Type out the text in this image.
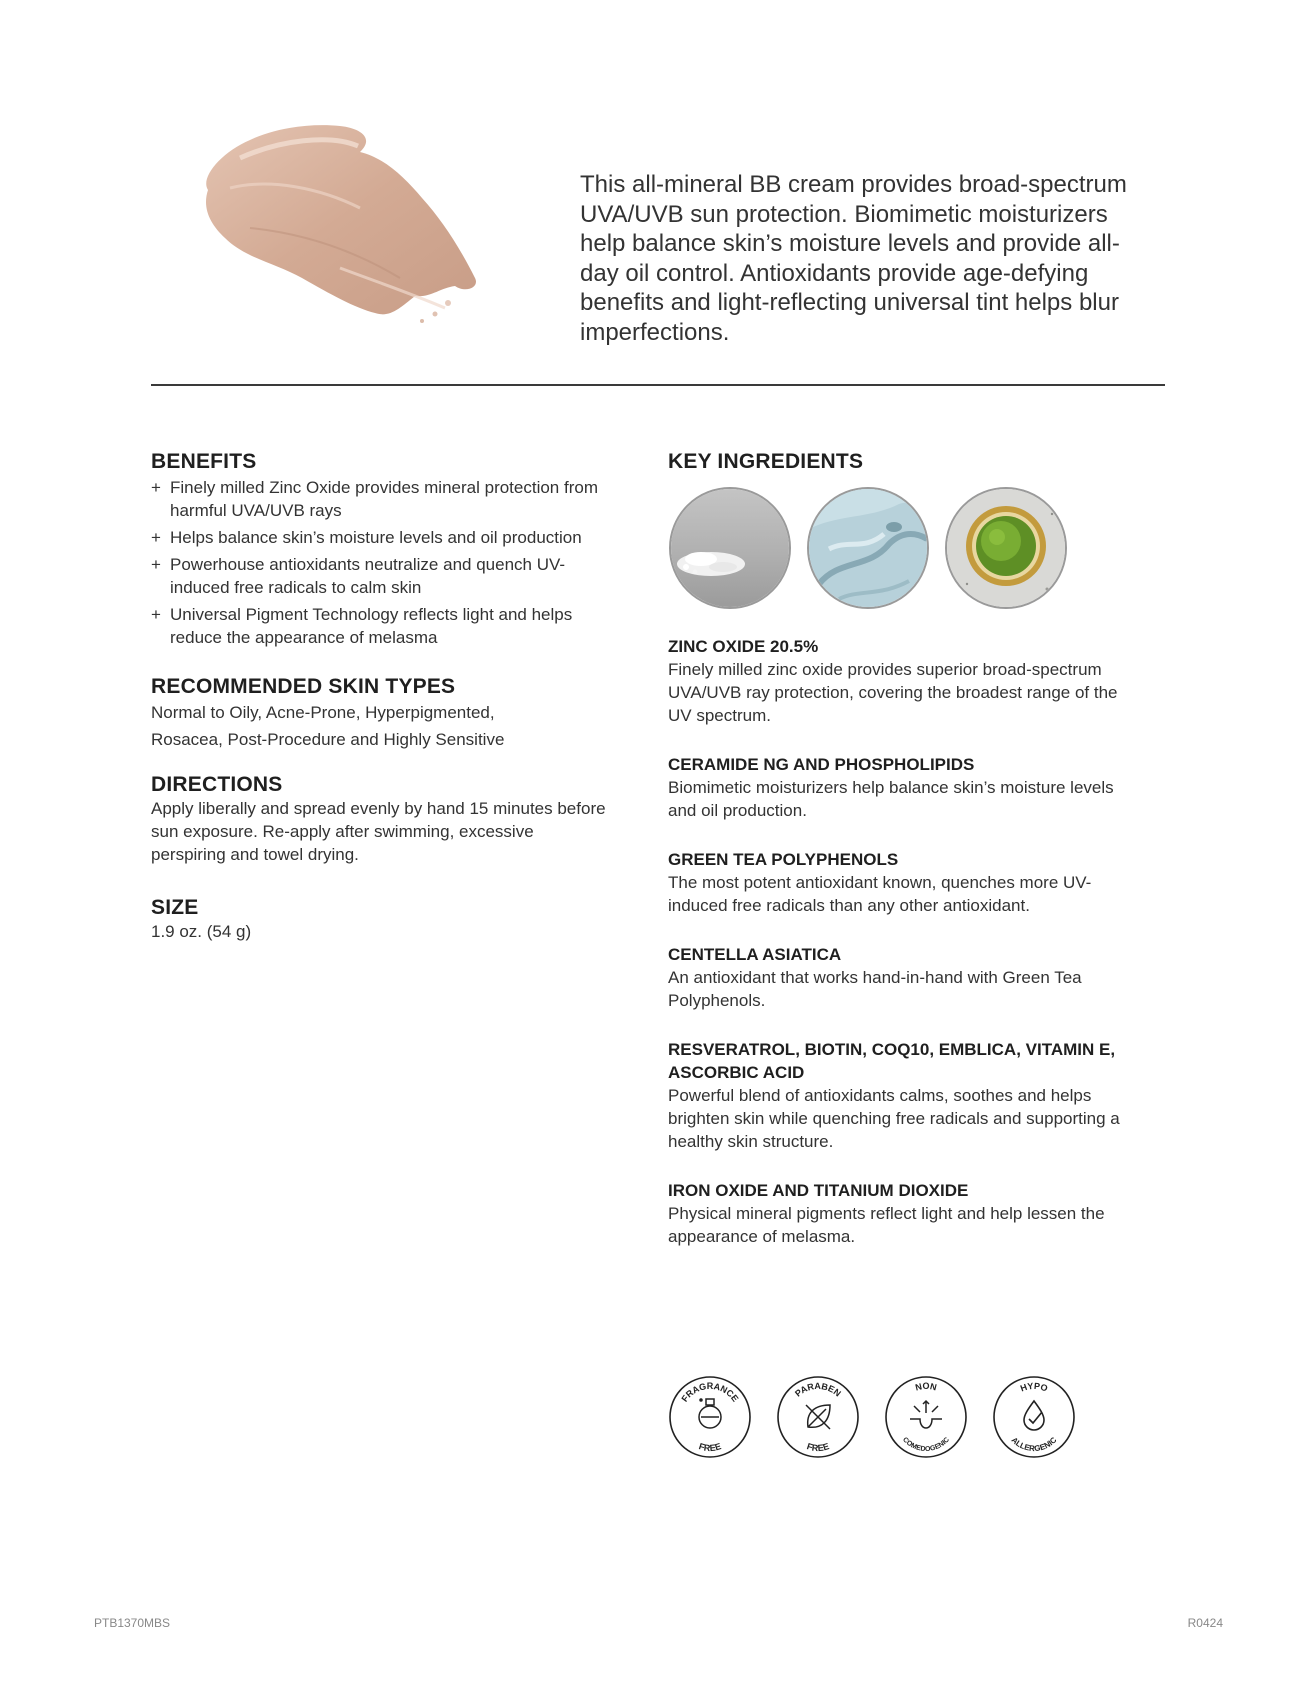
This all-mineral BB cream provides broad-spectrum UVA/UVB sun protection. Biomimetic moisturizers help balance skin’s moisture levels and provide all-day oil control. Antioxidants provide age-defying benefits and light-reflecting universal tint helps blur imperfections.

BENEFITS
+ Finely milled Zinc Oxide provides mineral protection from harmful UVA/UVB rays
+ Helps balance skin’s moisture levels and oil production
+ Powerhouse antioxidants neutralize and quench UV-induced free radicals to calm skin
+ Universal Pigment Technology reflects light and helps reduce the appearance of melasma
RECOMMENDED SKIN TYPES

Normal to Oily, Acne-Prone, Hyperpigmented,

Rosacea, Post-Procedure and Highly Sensitive

DIRECTIONS

Apply liberally and spread evenly by hand 15 minutes before sun exposure. Re-apply after swimming, excessive perspiring and towel drying.

SIZE

1.9 oz. (54 g)

KEY INGREDIENTS
ZINC OXIDE 20.5%

Finely milled zinc oxide provides superior broad-spectrum UVA/UVB ray protection, covering the broadest range of the UV spectrum.

CERAMIDE NG AND PHOSPHOLIPIDS

Biomimetic moisturizers help balance skin’s moisture levels and oil production.

GREEN TEA POLYPHENOLS

The most potent antioxidant known, quenches more UV-induced free radicals than any other antioxidant.

CENTELLA ASIATICA

An antioxidant that works hand-in-hand with Green Tea Polyphenols.

RESVERATROL, BIOTIN, COQ10, EMBLICA, VITAMIN E, ASCORBIC ACID

Powerful blend of antioxidants calms, soothes and helps brighten skin while quenching free radicals and supporting a healthy skin structure.

IRON OXIDE AND TITANIUM DIOXIDE

Physical mineral pigments reflect light and help lessen the appearance of melasma.

FRAGRANCE
FREE
PARABEN
FREE
NON
COMEDOGENIC
HYPO
ALLERGENIC
PTB1370MBS	R0424
